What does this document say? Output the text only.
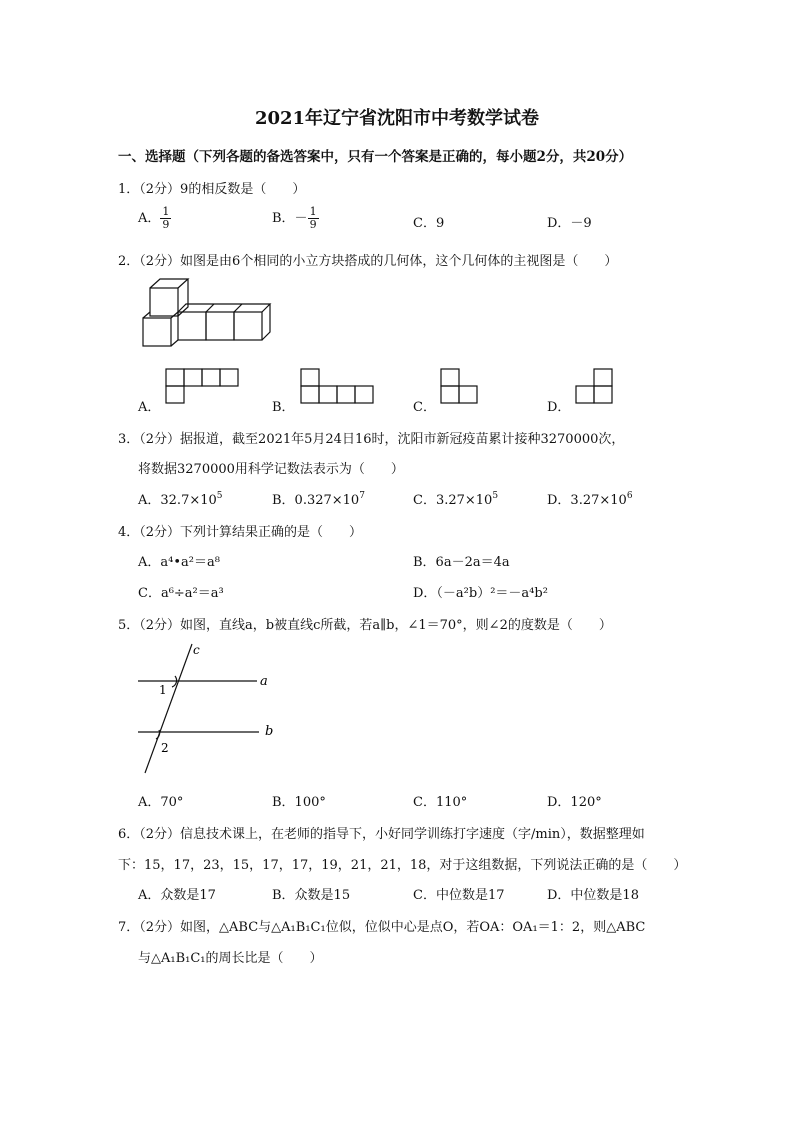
2021年辽宁省沈阳市中考数学试卷
一、选择题（下列各题的备选答案中，只有一个答案是正确的，每小题2分，共20分）
1．（2分）9的相反数是（　　）
A． $\frac{1}{9}$	B．－ $\frac{1}{9}$	C．9	D．－9
2．（2分）如图是由6个相同的小立方块搭成的几何体，这个几何体的主视图是（　　）
A．	B．	C．	D．
3．（2分）据报道，截至2021年5月24日16时，沈阳市新冠疫苗累计接种3270000次，
将数据3270000用科学记数法表示为（　　）
A．$32.7\times 10^5$	B．$0.327\times 10^7$	C．$3.27\times 10^5$	D．$3.27\times 10^6$
4．（2分）下列计算结果正确的是（　　）
A．a⁴•a²＝a⁸	B．6a－2a＝4a
C．a⁶÷a²＝a³	D．（－a²b）²＝－a⁴b²
5．（2分）如图，直线a，b被直线c所截，若a∥b，∠1＝70°，则∠2的度数是（　　）
c
a
b
1
2
A．70°	B．100°	C．110°	D．120°
6．（2分）信息技术课上，在老师的指导下，小好同学训练打字速度（字/min），数据整理如
下：15，17，23，15，17，17，19，21，21，18，对于这组数据，下列说法正确的是（　　）
A．众数是17	B．众数是15	C．中位数是17	D．中位数是18
7．（2分）如图，△ABC与△A₁B₁C₁位似，位似中心是点O，若OA：OA₁＝1：2，则△ABC
与△A₁B₁C₁的周长比是（　　）
